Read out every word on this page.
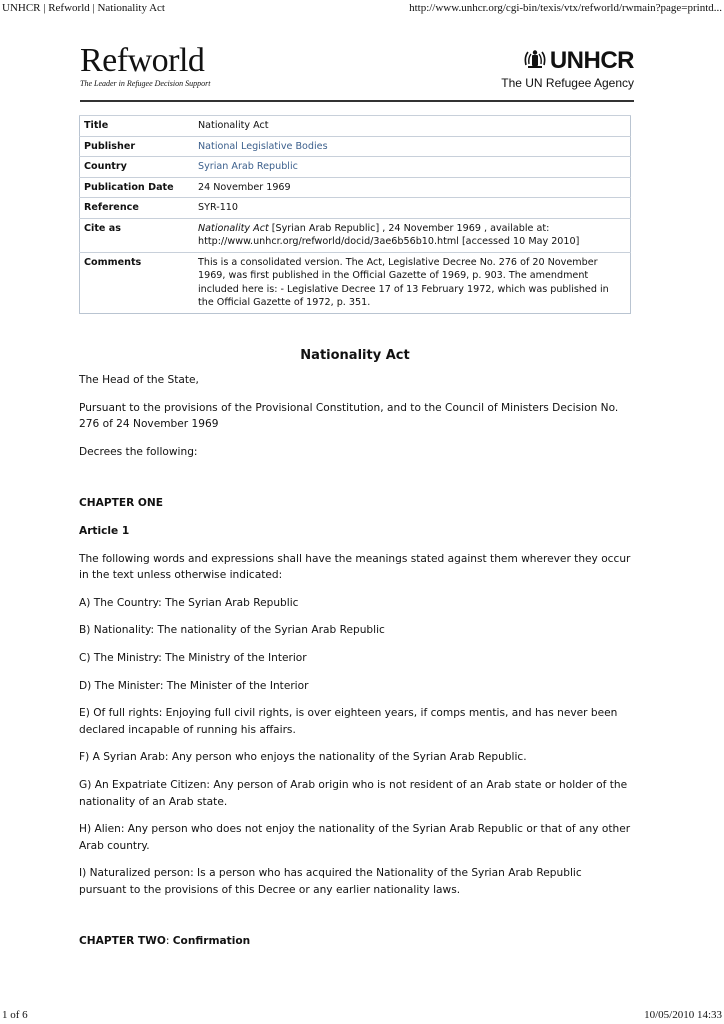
UNHCR | Refworld | Nationality Act	http://www.unhcr.org/cgi-bin/texis/vtx/refworld/rwmain?page=printd...
Refworld
The Leader in Refugee Decision Support
UNHCR
The UN Refugee Agency
Title	Nationality Act
Publisher	National Legislative Bodies
Country	Syrian Arab Republic
Publication Date	24 November 1969
Reference	SYR-110
Cite as	Nationality Act [Syrian Arab Republic] , 24 November 1969 , available at: http://www.unhcr.org/refworld/docid/3ae6b56b10.html [accessed 10 May 2010]
Comments	This is a consolidated version. The Act, Legislative Decree No. 276 of 20 November 1969, was first published in the Official Gazette of 1969, p. 903. The amendment included here is: - Legislative Decree 17 of 13 February 1972, which was published in the Official Gazette of 1972, p. 351.
Nationality Act

The Head of the State,

Pursuant to the provisions of the Provisional Constitution, and to the Council of Ministers Decision No. 276 of 24 November 1969

Decrees the following:

CHAPTER ONE

Article 1

The following words and expressions shall have the meanings stated against them wherever they occur in the text unless otherwise indicated:

A) The Country: The Syrian Arab Republic

B) Nationality: The nationality of the Syrian Arab Republic

C) The Ministry: The Ministry of the Interior

D) The Minister: The Minister of the Interior

E) Of full rights: Enjoying full civil rights, is over eighteen years, if comps mentis, and has never been declared incapable of running his affairs.

F) A Syrian Arab: Any person who enjoys the nationality of the Syrian Arab Republic.

G) An Expatriate Citizen: Any person of Arab origin who is not resident of an Arab state or holder of the nationality of an Arab state.

H) Alien: Any person who does not enjoy the nationality of the Syrian Arab Republic or that of any other Arab country.

I) Naturalized person: Is a person who has acquired the Nationality of the Syrian Arab Republic pursuant to the provisions of this Decree or any earlier nationality laws.

CHAPTER TWO: Confirmation

1 of 6	10/05/2010 14:33
